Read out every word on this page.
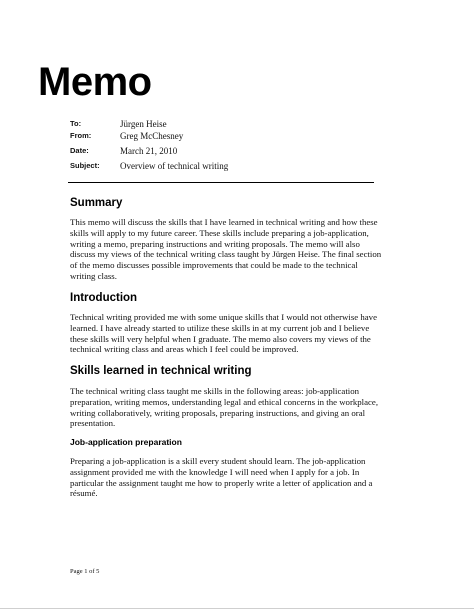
Memo
To:	Jürgen Heise
From:	Greg McChesney
Date:	March 21, 2010
Subject: Overview of technical writing
Summary
This memo will discuss the skills that I have learned in technical writing and how these
skills will apply to my future career. These skills include preparing a job-application,
writing a memo, preparing instructions and writing proposals. The memo will also
discuss my views of the technical writing class taught by Jürgen Heise. The final section
of the memo discusses possible improvements that could be made to the technical
writing class.
Introduction
Technical writing provided me with some unique skills that I would not otherwise have
learned. I have already started to utilize these skills in at my current job and I believe
these skills will very helpful when I graduate. The memo also covers my views of the
technical writing class and areas which I feel could be improved.
Skills learned in technical writing
The technical writing class taught me skills in the following areas: job-application
preparation, writing memos, understanding legal and ethical concerns in the workplace,
writing collaboratively, writing proposals, preparing instructions, and giving an oral
presentation.
Job-application preparation
Preparing a job-application is a skill every student should learn. The job-application
assignment provided me with the knowledge I will need when I apply for a job. In
particular the assignment taught me how to properly write a letter of application and a
résumé.
Page 1 of 5
